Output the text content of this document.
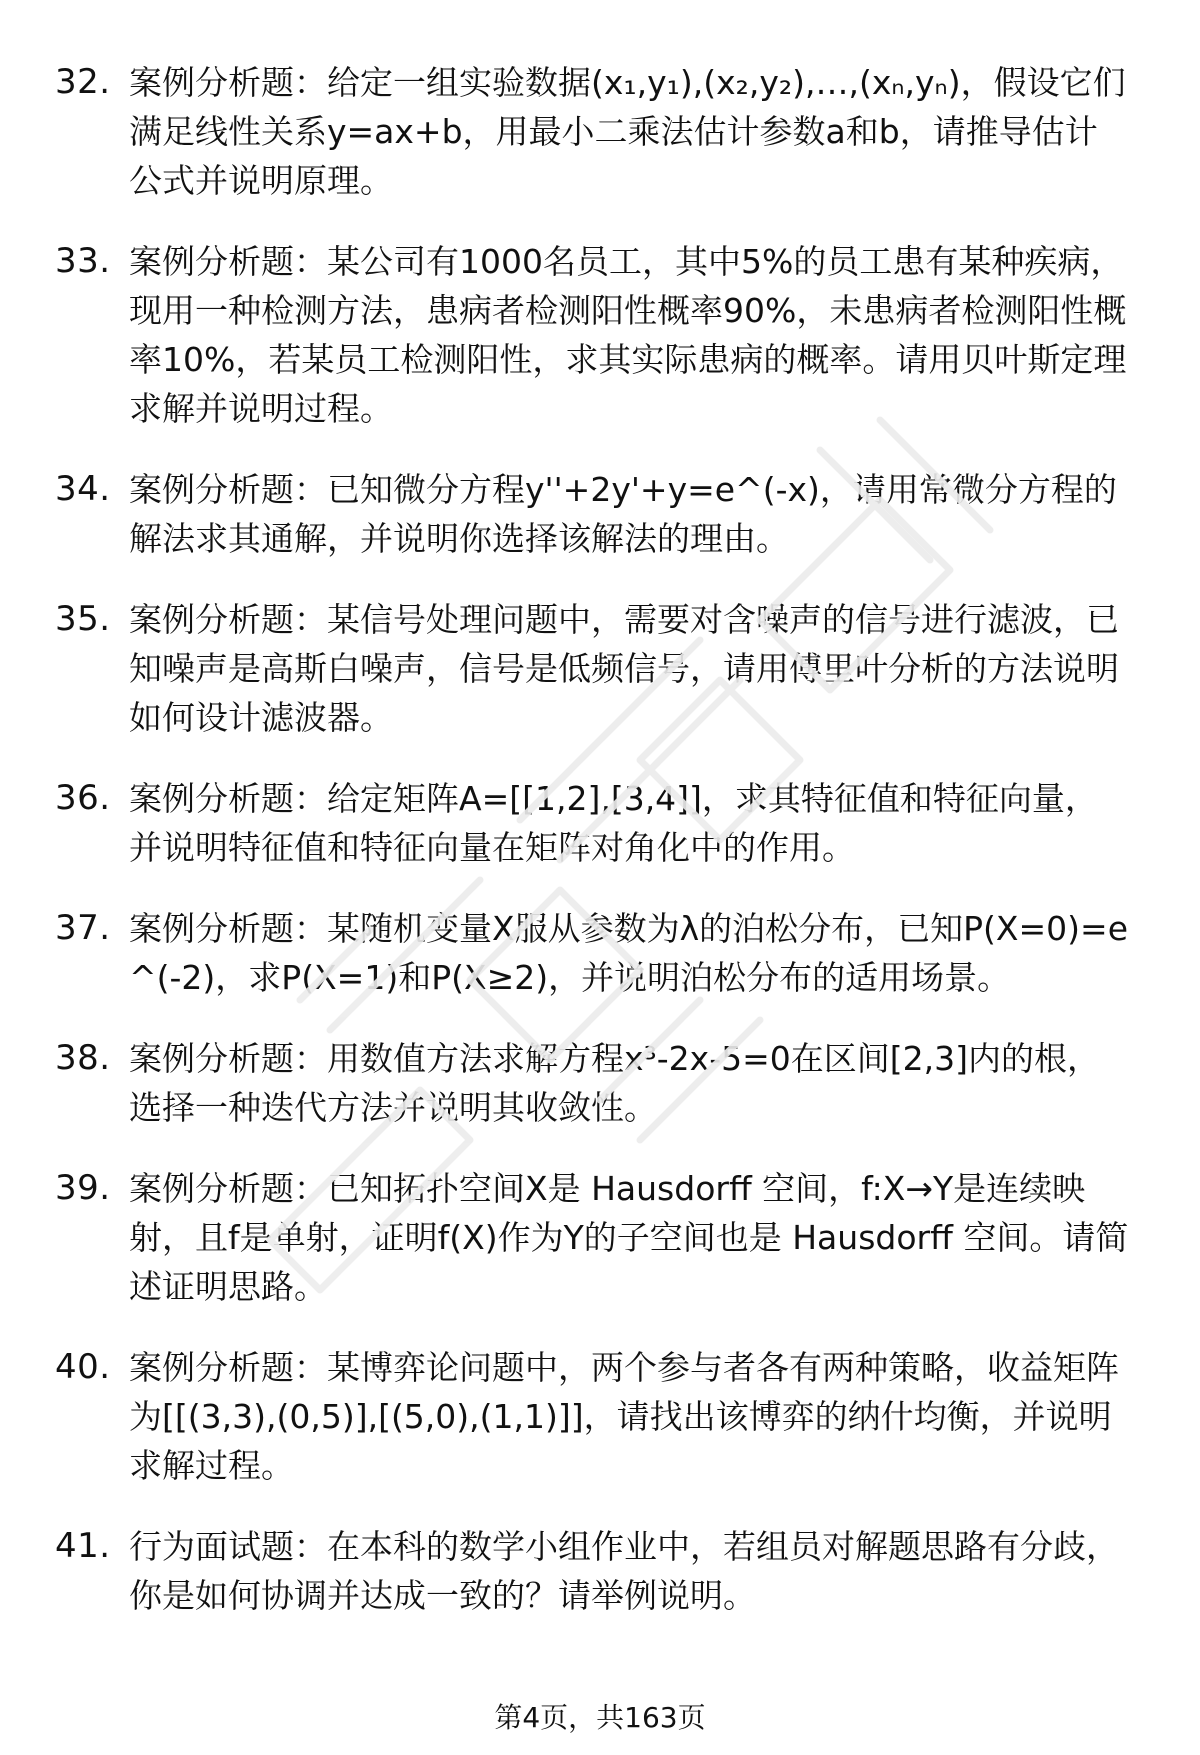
32. 案例分析题：给定一组实验数据(x₁,y₁),(x₂,y₂),…,(xₙ,yₙ)，假设它们满足线性关系y=ax+b，用最小二乘法估计参数a和b，请推导估计公式并说明原理。
33. 案例分析题：某公司有1000名员工，其中5%的员工患有某种疾病，现用一种检测方法，患病者检测阳性概率90%，未患病者检测阳性概率10%，若某员工检测阳性，求其实际患病的概率。请用贝叶斯定理求解并说明过程。
34. 案例分析题：已知微分方程y''+2y'+y=e^(-x)，请用常微分方程的解法求其通解，并说明你选择该解法的理由。
35. 案例分析题：某信号处理问题中，需要对含噪声的信号进行滤波，已知噪声是高斯白噪声，信号是低频信号，请用傅里叶分析的方法说明如何设计滤波器。
36. 案例分析题：给定矩阵A=[[1,2],[3,4]]，求其特征值和特征向量，并说明特征值和特征向量在矩阵对角化中的作用。
37. 案例分析题：某随机变量X服从参数为λ的泊松分布，已知P(X=0)=e^(-2)，求P(X=1)和P(X≥2)，并说明泊松分布的适用场景。
38. 案例分析题：用数值方法求解方程x³-2x-5=0在区间[2,3]内的根，选择一种迭代方法并说明其收敛性。
39. 案例分析题：已知拓扑空间X是 Hausdorff 空间，f:X→Y是连续映射，且f是单射，证明f(X)作为Y的子空间也是 Hausdorff 空间。请简述证明思路。
40. 案例分析题：某博弈论问题中，两个参与者各有两种策略，收益矩阵为[[(3,3),(0,5)],[(5,0),(1,1)]]，请找出该博弈的纳什均衡，并说明求解过程。
41. 行为面试题：在本科的数学小组作业中，若组员对解题思路有分歧，你是如何协调并达成一致的？请举例说明。
第4页，共163页
